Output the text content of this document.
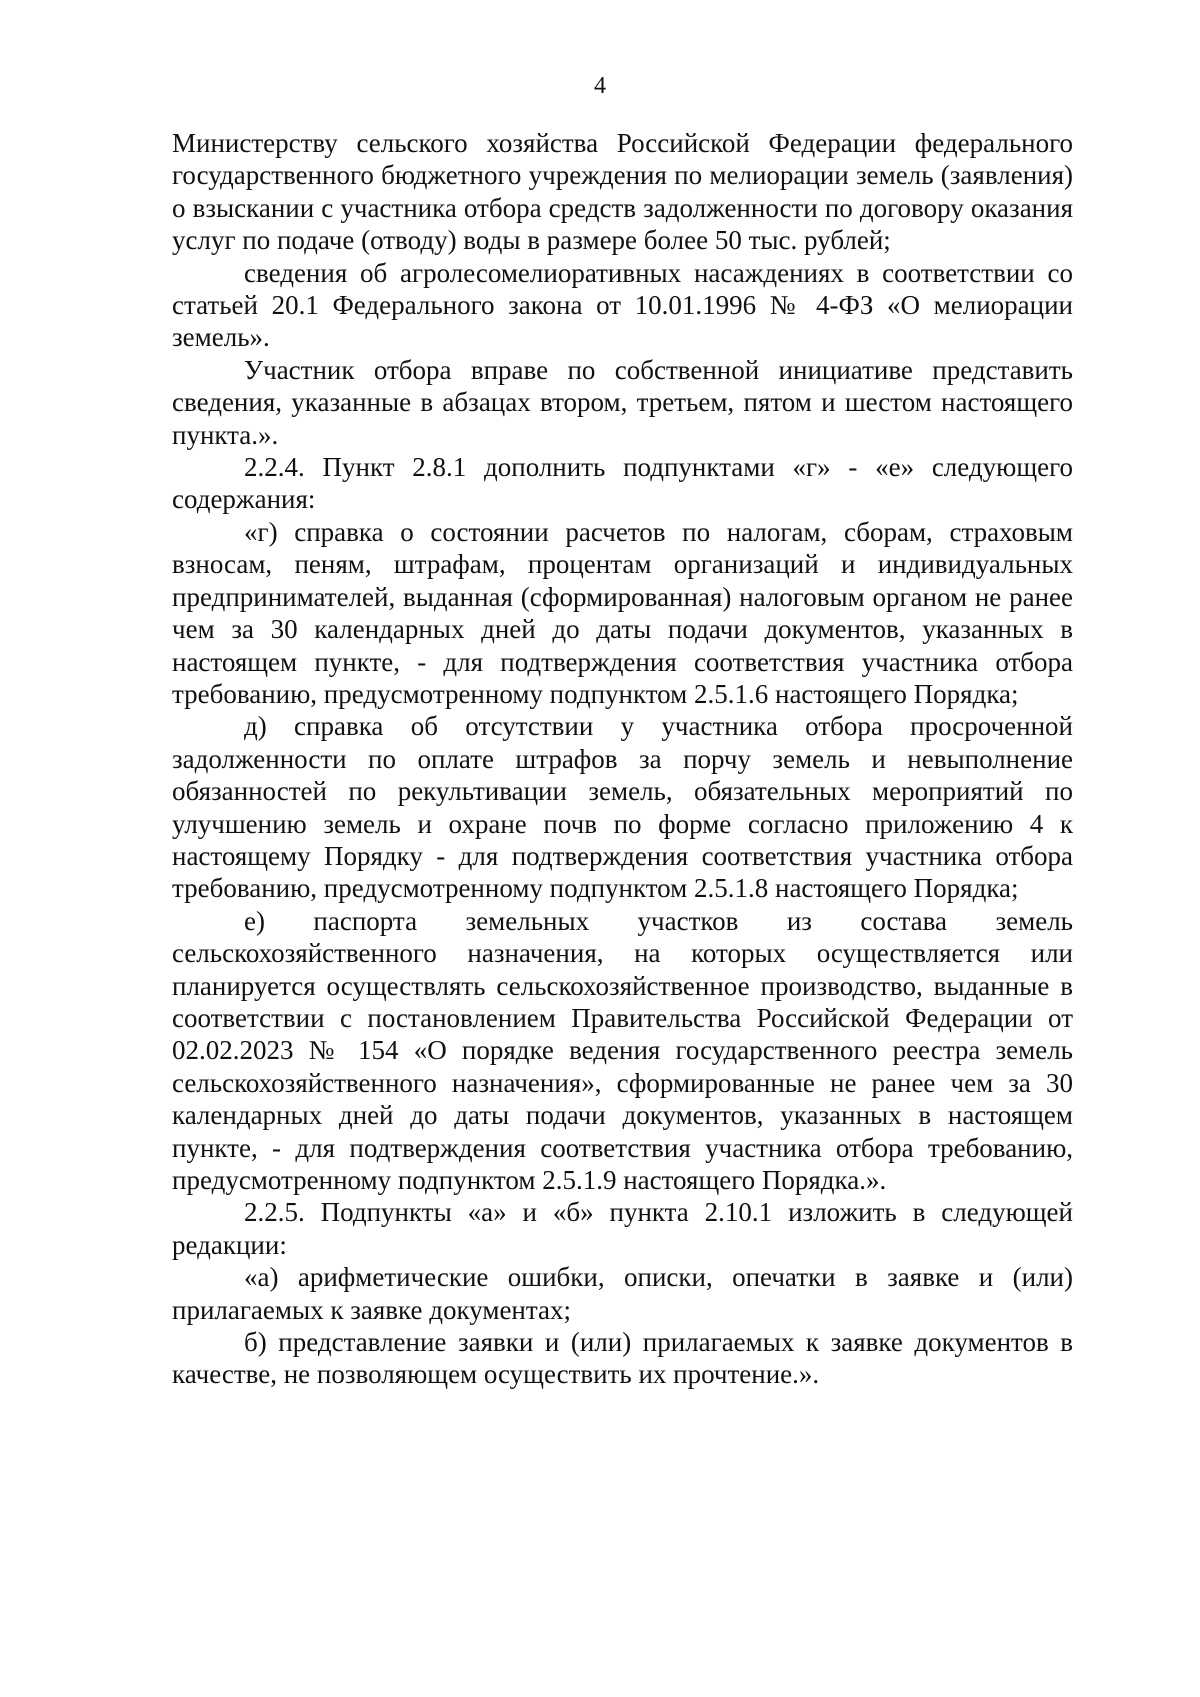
4

Министерству сельского хозяйства Российской Федерации федерального государственного бюджетного учреждения по мелиорации земель (заявления) о взыскании с участника отбора средств задолженности по договору оказания услуг по подаче (отводу) воды в размере более 50 тыс. рублей;

сведения об агролесомелиоративных насаждениях в соответствии со статьей 20.1 Федерального закона от 10.01.1996 № 4-ФЗ «О мелиорации земель».

Участник отбора вправе по собственной инициативе представить сведения, указанные в абзацах втором, третьем, пятом и шестом настоящего пункта.».

2.2.4. Пункт 2.8.1 дополнить подпунктами «г» - «е» следующего содержания:

«г) справка о состоянии расчетов по налогам, сборам, страховым взносам, пеням, штрафам, процентам организаций и индивидуальных предпринимателей, выданная (сформированная) налоговым органом не ранее чем за 30 календарных дней до даты подачи документов, указанных в настоящем пункте, - для подтверждения соответствия участника отбора требованию, предусмотренному подпунктом 2.5.1.6 настоящего Порядка;

д) справка об отсутствии у участника отбора просроченной задолженности по оплате штрафов за порчу земель и невыполнение обязанностей по рекультивации земель, обязательных мероприятий по улучшению земель и охране почв по форме согласно приложению 4 к настоящему Порядку - для подтверждения соответствия участника отбора требованию, предусмотренному подпунктом 2.5.1.8 настоящего Порядка;

е) паспорта земельных участков из состава земель сельскохозяйственного назначения, на которых осуществляется или планируется осуществлять сельскохозяйственное производство, выданные в соответствии с постановлением Правительства Российской Федерации от 02.02.2023 № 154 «О порядке ведения государственного реестра земель сельскохозяйственного назначения», сформированные не ранее чем за 30 календарных дней до даты подачи документов, указанных в настоящем пункте, - для подтверждения соответствия участника отбора требованию, предусмотренному подпунктом 2.5.1.9 настоящего Порядка.».

2.2.5. Подпункты «а» и «б» пункта 2.10.1 изложить в следующей редакции:

«а) арифметические ошибки, описки, опечатки в заявке и (или) прилагаемых к заявке документах;

б) представление заявки и (или) прилагаемых к заявке документов в качестве, не позволяющем осуществить их прочтение.».
